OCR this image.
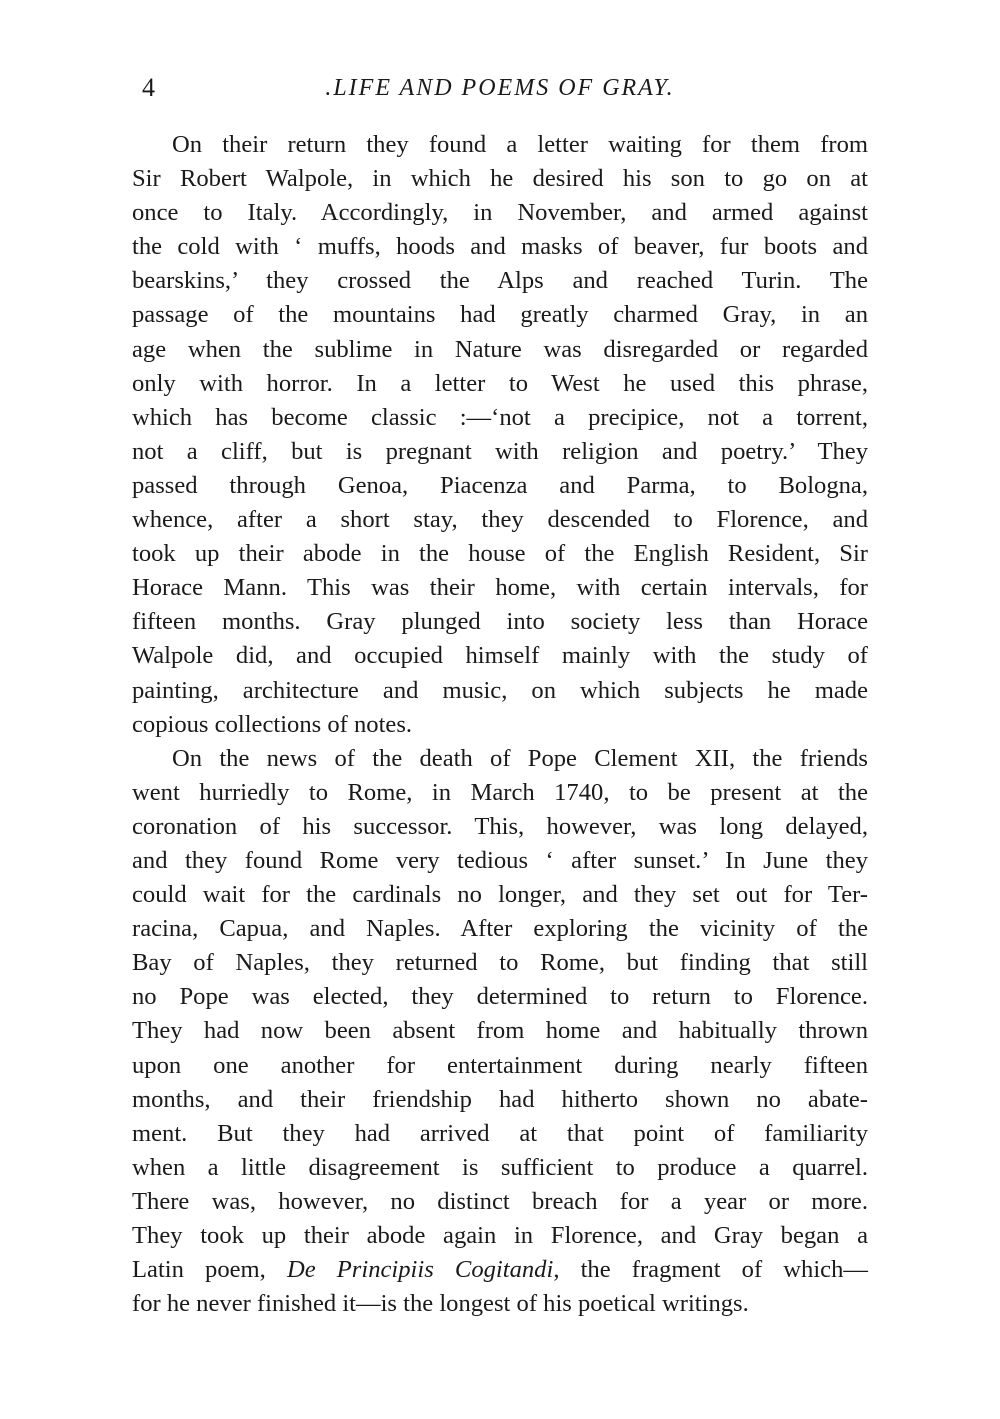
4	.LIFE AND POEMS OF GRAY.
On their return they found a letter waiting for them from
Sir Robert Walpole, in which he desired his son to go on at
once to Italy. Accordingly, in November, and armed against
the cold with ‘ muffs, hoods and masks of beaver, fur boots and
bearskins,’ they crossed the Alps and reached Turin. The
passage of the mountains had greatly charmed Gray, in an
age when the sublime in Nature was disregarded or regarded
only with horror. In a letter to West he used this phrase,
which has become classic :—‘not a precipice, not a torrent,
not a cliff, but is pregnant with religion and poetry.’ They
passed through Genoa, Piacenza and Parma, to Bologna,
whence, after a short stay, they descended to Florence, and
took up their abode in the house of the English Resident, Sir
Horace Mann. This was their home, with certain intervals, for
fifteen months. Gray plunged into society less than Horace
Walpole did, and occupied himself mainly with the study of
painting, architecture and music, on which subjects he made
copious collections of notes.
On the news of the death of Pope Clement XII, the friends
went hurriedly to Rome, in March 1740, to be present at the
coronation of his successor. This, however, was long delayed,
and they found Rome very tedious ‘ after sunset.’ In June they
could wait for the cardinals no longer, and they set out for Ter-
racina, Capua, and Naples. After exploring the vicinity of the
Bay of Naples, they returned to Rome, but finding that still
no Pope was elected, they determined to return to Florence.
They had now been absent from home and habitually thrown
upon one another for entertainment during nearly fifteen
months, and their friendship had hitherto shown no abate-
ment. But they had arrived at that point of familiarity
when a little disagreement is sufficient to produce a quarrel.
There was, however, no distinct breach for a year or more.
They took up their abode again in Florence, and Gray began a
Latin poem, De Principiis Cogitandi, the fragment of which—
for he never finished it—is the longest of his poetical writings.
